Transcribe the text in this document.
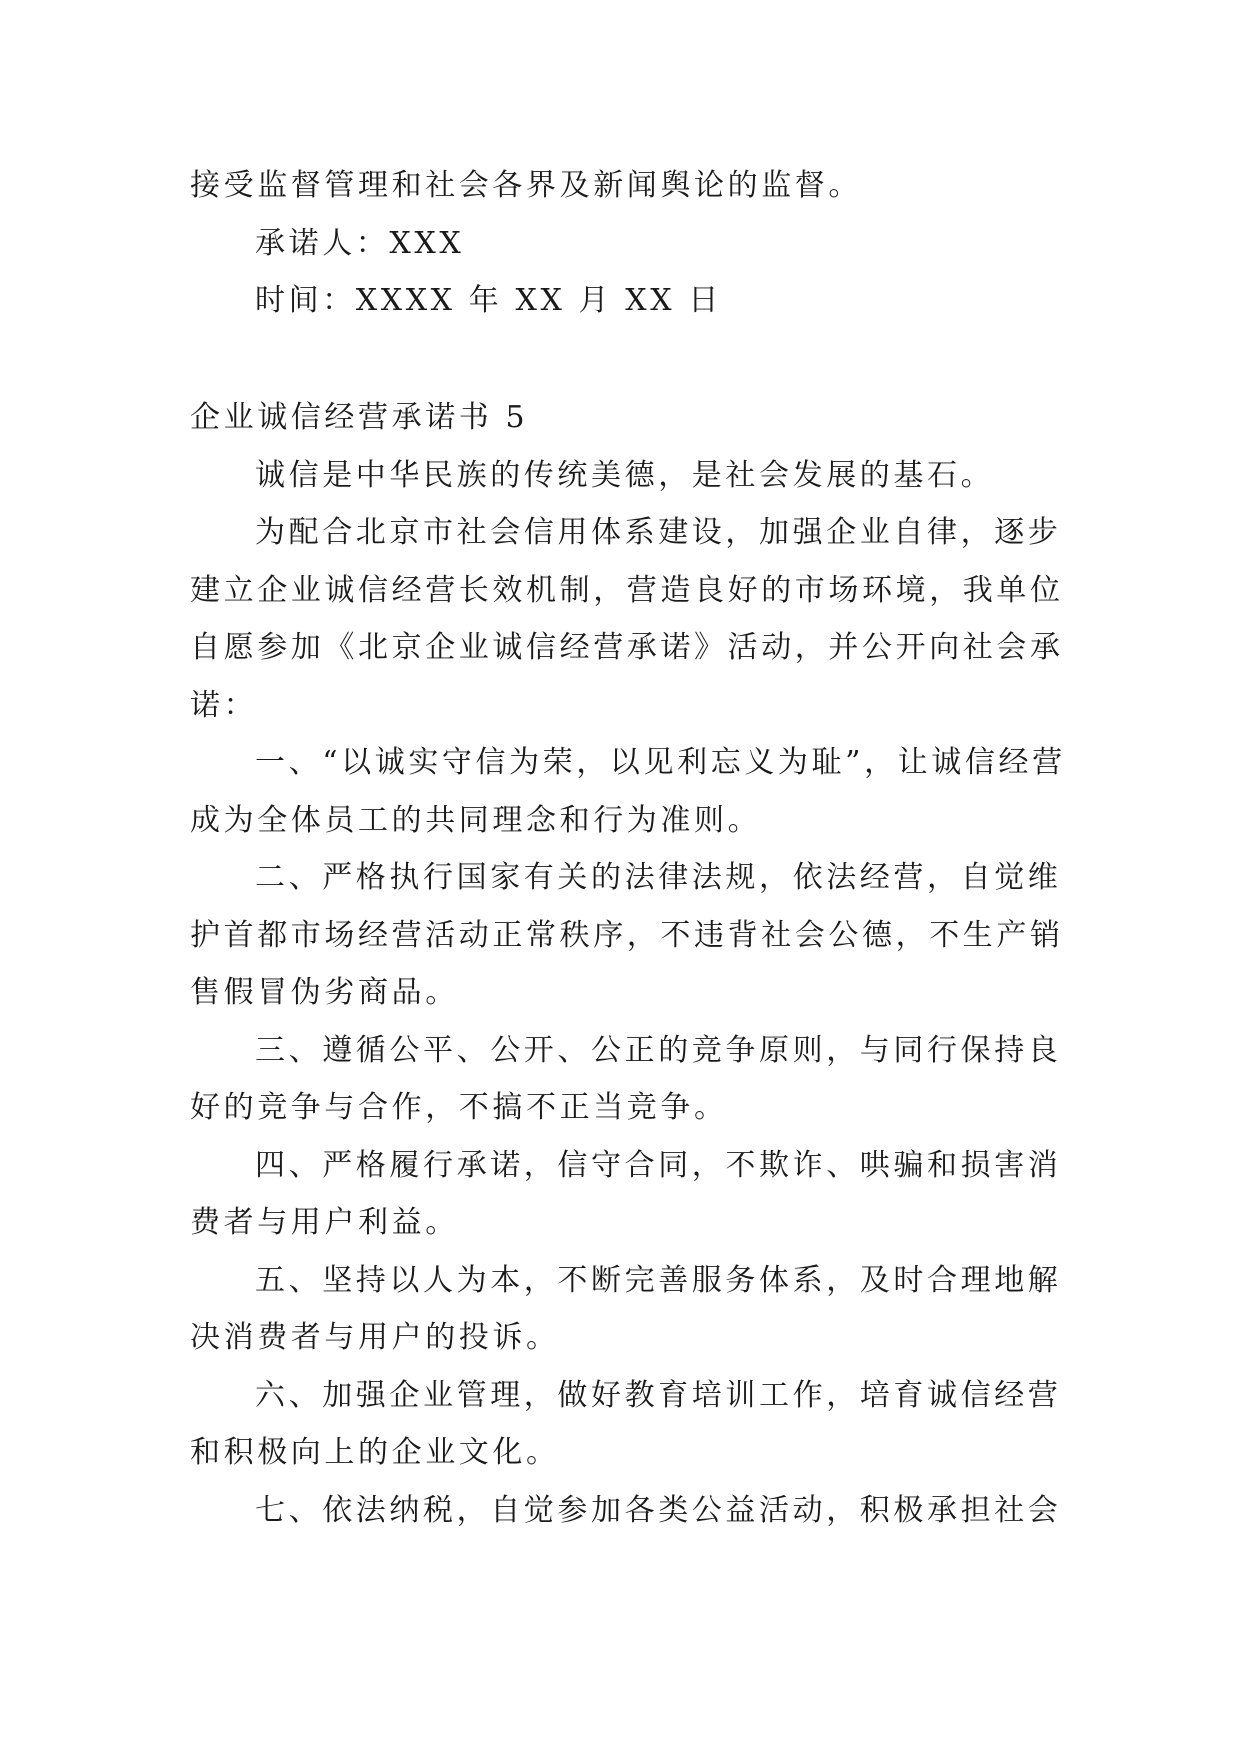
接受监督管理和社会各界及新闻舆论的监督。
承诺人：XXX
时间：XXXX 年 XX 月 XX 日
企业诚信经营承诺书 5
诚信是中华民族的传统美德，是社会发展的基石。
为配合北京市社会信用体系建设，加强企业自律，逐步
建立企业诚信经营长效机制，营造良好的市场环境，我单位
自愿参加《北京企业诚信经营承诺》活动，并公开向社会承
诺：
一、“以诚实守信为荣，以见利忘义为耻”，让诚信经营
成为全体员工的共同理念和行为准则。
二、严格执行国家有关的法律法规，依法经营，自觉维
护首都市场经营活动正常秩序，不违背社会公德，不生产销
售假冒伪劣商品。
三、遵循公平、公开、公正的竞争原则，与同行保持良
好的竞争与合作，不搞不正当竞争。
四、严格履行承诺，信守合同，不欺诈、哄骗和损害消
费者与用户利益。
五、坚持以人为本，不断完善服务体系，及时合理地解
决消费者与用户的投诉。
六、加强企业管理，做好教育培训工作，培育诚信经营
和积极向上的企业文化。
七、依法纳税，自觉参加各类公益活动，积极承担社会
